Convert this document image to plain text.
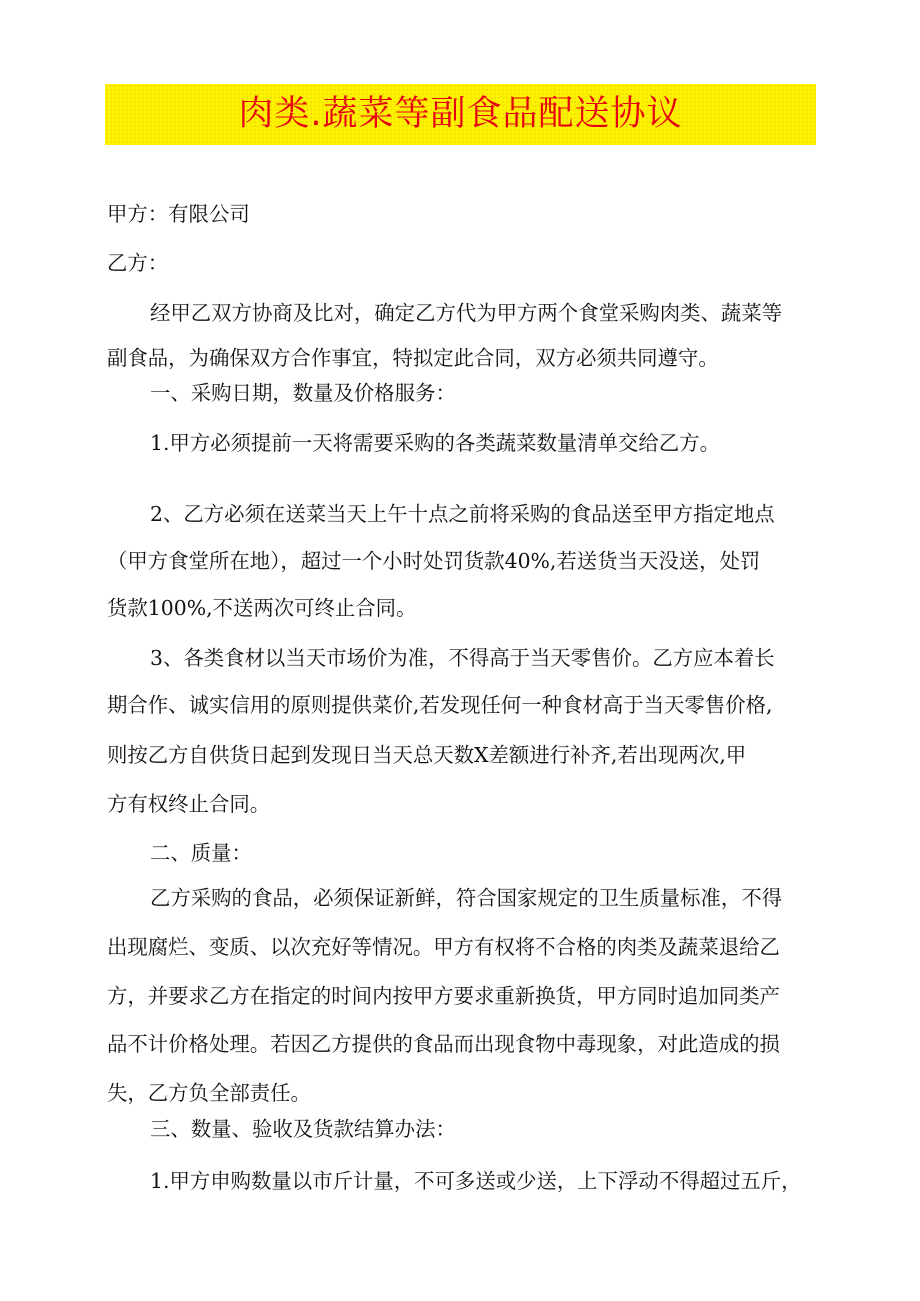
肉类.蔬菜等副食品配送协议
甲方：有限公司
乙方：
经甲乙双方协商及比对，确定乙方代为甲方两个食堂采购肉类、蔬菜等
副食品，为确保双方合作事宜，特拟定此合同，双方必须共同遵守。
一、采购日期，数量及价格服务：
1.甲方必须提前一天将需要采购的各类蔬菜数量清单交给乙方。
2、乙方必须在送菜当天上午十点之前将采购的食品送至甲方指定地点
（甲方食堂所在地），超过一个小时处罚货款40%,若送货当天没送，处罚
货款100%,不送两次可终止合同。
3、各类食材以当天市场价为准，不得高于当天零售价。乙方应本着长
期合作、诚实信用的原则提供菜价,若发现任何一种食材高于当天零售价格,
则按乙方自供货日起到发现日当天总天数X差额进行补齐,若出现两次,甲
方有权终止合同。
二、质量：
乙方采购的食品，必须保证新鲜，符合国家规定的卫生质量标准，不得
出现腐烂、变质、以次充好等情况。甲方有权将不合格的肉类及蔬菜退给乙
方，并要求乙方在指定的时间内按甲方要求重新换货，甲方同时追加同类产
品不计价格处理。若因乙方提供的食品而出现食物中毒现象，对此造成的损
失，乙方负全部责任。
三、数量、验收及货款结算办法：
1.甲方申购数量以市斤计量，不可多送或少送，上下浮动不得超过五斤，
